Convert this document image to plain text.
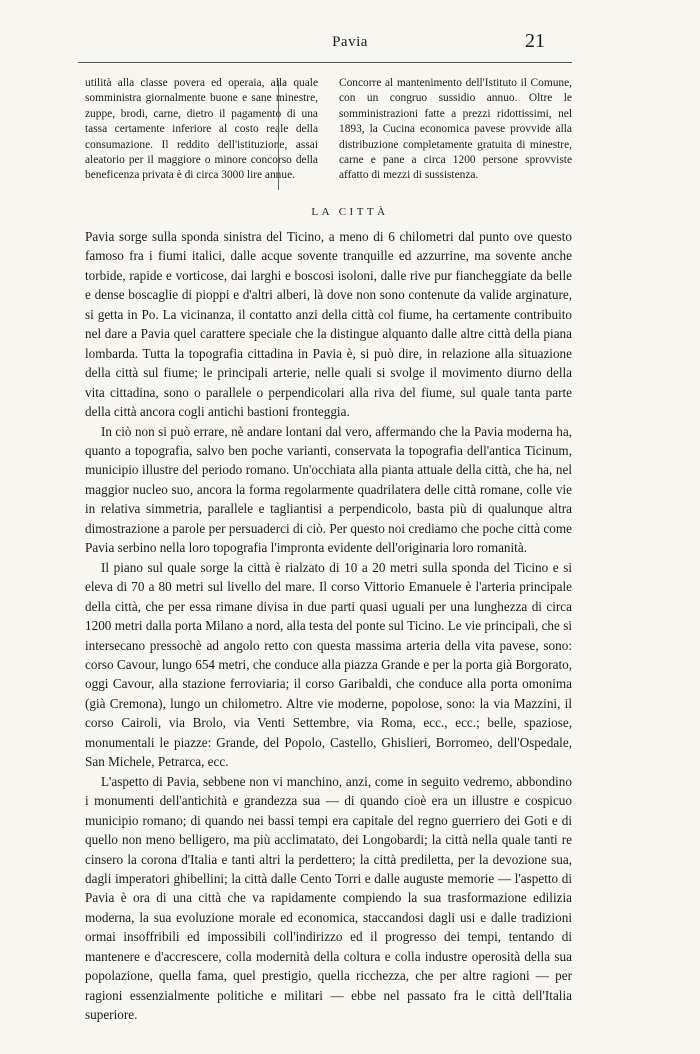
Pavia	21
utilità alla classe povera ed operaia, alla quale somministra giornalmente buone e sane minestre, zuppe, brodi, carne, dietro il pagamento di una tassa certamente inferiore al costo reale della consumazione. Il reddito dell'istituzione, assai aleatorio per il maggiore o minore concorso della beneficenza privata è di circa 3000 lire annue.
Concorre al mantenimento dell'Istituto il Comune, con un congruo sussidio annuo. Oltre le somministrazioni fatte a prezzi ridottissimi, nel 1893, la Cucina economica pavese provvide alla distribuzione completamente gratuita di minestre, carne e pane a circa 1200 persone sprovviste affatto di mezzi di sussistenza.
LA CITTÀ

Pavia sorge sulla sponda sinistra del Ticino, a meno di 6 chilometri dal punto ove questo famoso fra i fiumi italici, dalle acque sovente tranquille ed azzurrine, ma sovente anche torbide, rapide e vorticose, dai larghi e boscosi isoloni, dalle rive pur fiancheggiate da belle e dense boscaglie di pioppi e d'altri alberi, là dove non sono contenute da valide arginature, si getta in Po. La vicinanza, il contatto anzi della città col fiume, ha certamente contribuito nel dare a Pavia quel carattere speciale che la distingue alquanto dalle altre città della piana lombarda. Tutta la topografia cittadina in Pavia è, si può dire, in relazione alla situazione della città sul fiume; le principali arterie, nelle quali si svolge il movimento diurno della vita cittadina, sono o parallele o perpendicolari alla riva del fiume, sul quale tanta parte della città ancora cogli antichi bastioni fronteggia.

In ciò non si può errare, nè andare lontani dal vero, affermando che la Pavia moderna ha, quanto a topografia, salvo ben poche varianti, conservata la topografia dell'antica Ticinum, municipio illustre del periodo romano. Un'occhiata alla pianta attuale della città, che ha, nel maggior nucleo suo, ancora la forma regolarmente quadrilatera delle città romane, colle vie in relativa simmetria, parallele e tagliantisi a perpendicolo, basta più di qualunque altra dimostrazione a parole per persuaderci di ciò. Per questo noi crediamo che poche città come Pavia serbino nella loro topografia l'impronta evidente dell'originaria loro romanità.

Il piano sul quale sorge la città è rialzato di 10 a 20 metri sulla sponda del Ticino e si eleva di 70 a 80 metri sul livello del mare. Il corso Vittorio Emanuele è l'arteria principale della città, che per essa rimane divisa in due parti quasi uguali per una lunghezza di circa 1200 metri dalla porta Milano a nord, alla testa del ponte sul Ticino. Le vie principali, che si intersecano pressochè ad angolo retto con questa massima arteria della vita pavese, sono: corso Cavour, lungo 654 metri, che conduce alla piazza Grande e per la porta già Borgorato, oggi Cavour, alla stazione ferroviaria; il corso Garibaldi, che conduce alla porta omonima (già Cremona), lungo un chilometro. Altre vie moderne, popolose, sono: la via Mazzini, il corso Cairoli, via Brolo, via Venti Settembre, via Roma, ecc., ecc.; belle, spaziose, monumentali le piazze: Grande, del Popolo, Castello, Ghislieri, Borromeo, dell'Ospedale, San Michele, Petrarca, ecc.

L'aspetto di Pavia, sebbene non vi manchino, anzi, come in seguito vedremo, abbondino i monumenti dell'antichità e grandezza sua — di quando cioè era un illustre e cospicuo municipio romano; di quando nei bassi tempi era capitale del regno guerriero dei Goti e di quello non meno belligero, ma più acclimatato, dei Longobardi; la città nella quale tanti re cinsero la corona d'Italia e tanti altri la perdettero; la città prediletta, per la devozione sua, dagli imperatori ghibellini; la città dalle Cento Torri e dalle auguste memorie — l'aspetto di Pavia è ora di una città che va rapidamente compiendo la sua trasformazione edilizia moderna, la sua evoluzione morale ed economica, staccandosi dagli usi e dalle tradizioni ormai insoffribili ed impossibili coll'indirizzo ed il progresso dei tempi, tentando di mantenere e d'accrescere, colla modernità della coltura e colla industre operosità della sua popolazione, quella fama, quel prestigio, quella ricchezza, che per altre ragioni — per ragioni essenzialmente politiche e militari — ebbe nel passato fra le città dell'Italia superiore.
